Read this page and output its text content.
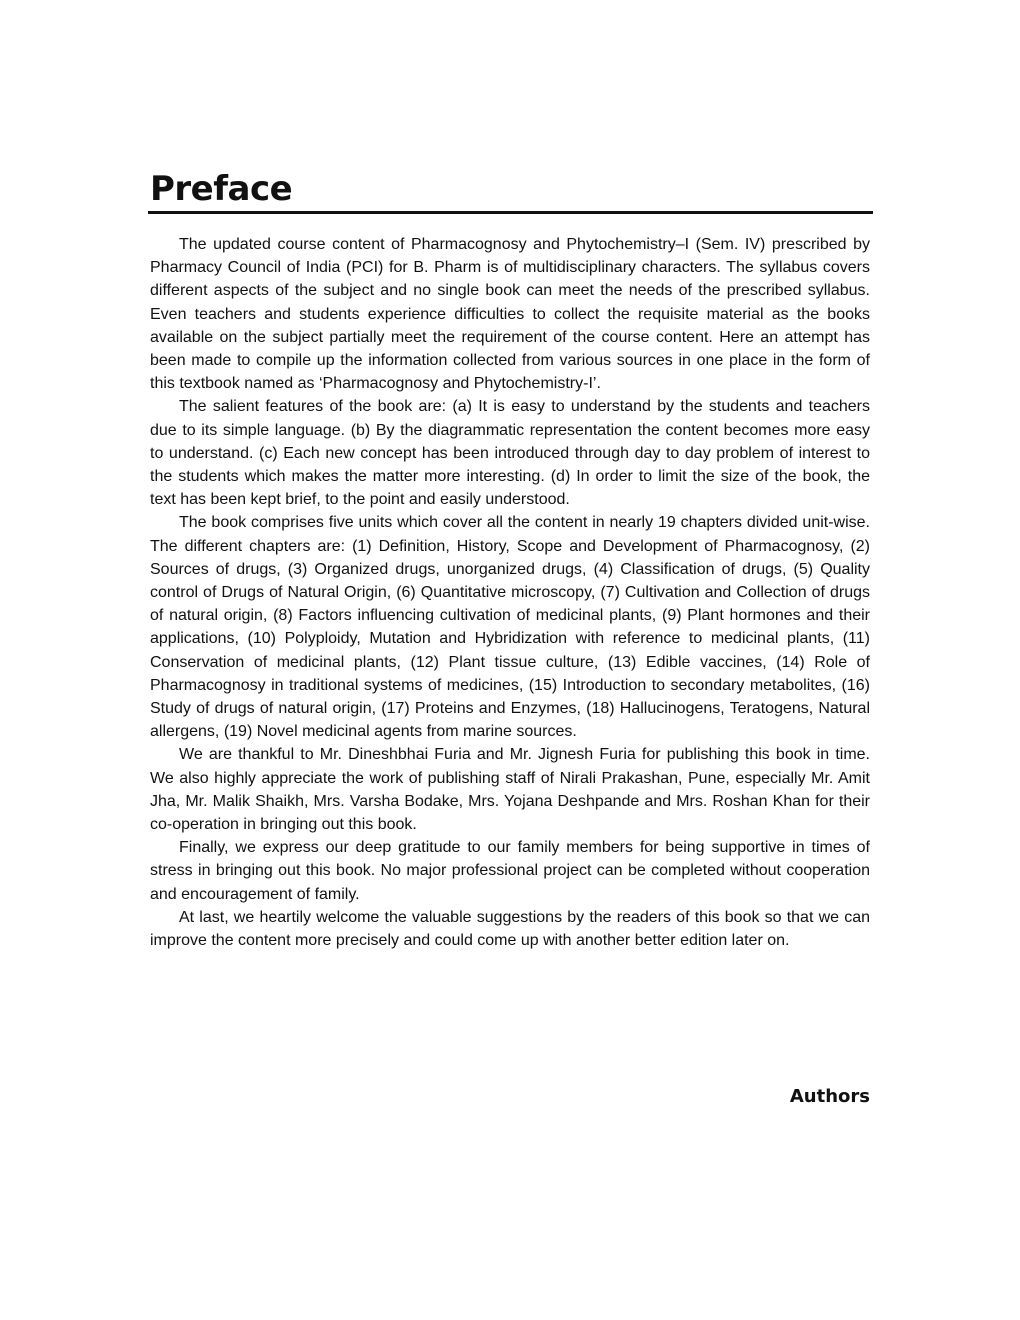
Preface

The updated course content of Pharmacognosy and Phytochemistry–I (Sem. IV) prescribed by Pharmacy Council of India (PCI) for B. Pharm is of multidisciplinary characters. The syllabus covers different aspects of the subject and no single book can meet the needs of the prescribed syllabus. Even teachers and students experience difficulties to collect the requisite material as the books available on the subject partially meet the requirement of the course content. Here an attempt has been made to compile up the information collected from various sources in one place in the form of this textbook named as ‘Pharmacognosy and Phytochemistry-I’.

The salient features of the book are: (a) It is easy to understand by the students and teachers due to its simple language. (b) By the diagrammatic representation the content becomes more easy to understand. (c) Each new concept has been introduced through day to day problem of interest to the students which makes the matter more interesting. (d) In order to limit the size of the book, the text has been kept brief, to the point and easily understood.

The book comprises five units which cover all the content in nearly 19 chapters divided unit-wise. The different chapters are: (1) Definition, History, Scope and Development of Pharmacognosy, (2) Sources of drugs, (3) Organized drugs, unorganized drugs, (4) Classification of drugs, (5) Quality control of Drugs of Natural Origin, (6) Quantitative microscopy, (7) Cultivation and Collection of drugs of natural origin, (8) Factors influencing cultivation of medicinal plants, (9) Plant hormones and their applications, (10) Polyploidy, Mutation and Hybridization with reference to medicinal plants, (11) Conservation of medicinal plants, (12) Plant tissue culture, (13) Edible vaccines, (14) Role of Pharmacognosy in traditional systems of medicines, (15) Introduction to secondary metabolites, (16) Study of drugs of natural origin, (17) Proteins and Enzymes, (18) Hallucinogens, Teratogens, Natural allergens, (19) Novel medicinal agents from marine sources.

We are thankful to Mr. Dineshbhai Furia and Mr. Jignesh Furia for publishing this book in time. We also highly appreciate the work of publishing staff of Nirali Prakashan, Pune, especially Mr. Amit Jha, Mr. Malik Shaikh, Mrs. Varsha Bodake, Mrs. Yojana Deshpande and Mrs. Roshan Khan for their co-operation in bringing out this book.

Finally, we express our deep gratitude to our family members for being supportive in times of stress in bringing out this book. No major professional project can be completed without cooperation and encouragement of family.

At last, we heartily welcome the valuable suggestions by the readers of this book so that we can improve the content more precisely and could come up with another better edition later on.

Authors
